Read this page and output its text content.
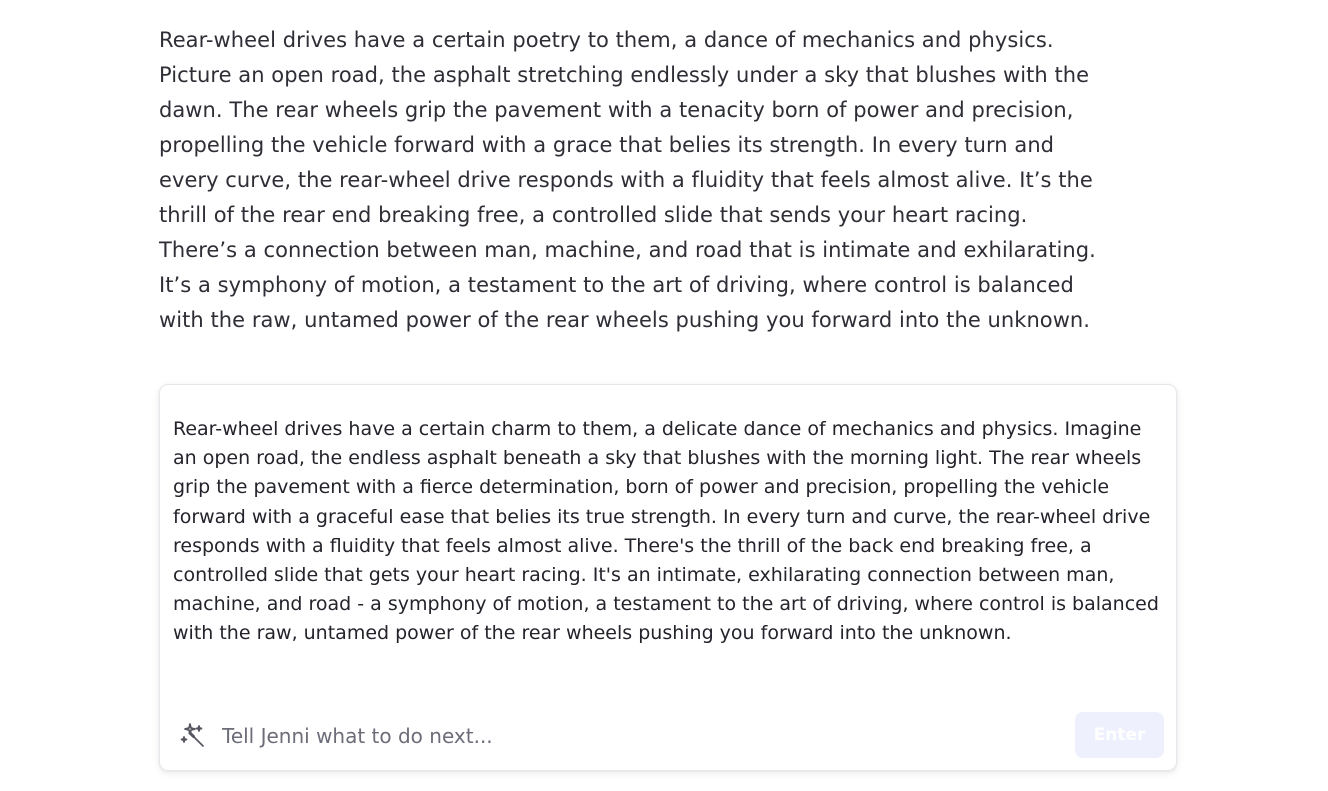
Rear-wheel drives have a certain poetry to them, a dance of mechanics and physics. Picture an open road, the asphalt stretching endlessly under a sky that blushes with the dawn. The rear wheels grip the pavement with a tenacity born of power and precision, propelling the vehicle forward with a grace that belies its strength. In every turn and every curve, the rear-wheel drive responds with a fluidity that feels almost alive. It’s the thrill of the rear end breaking free, a controlled slide that sends your heart racing. There’s a connection between man, machine, and road that is intimate and exhilarating. It’s a symphony of motion, a testament to the art of driving, where control is balanced with the raw, untamed power of the rear wheels pushing you forward into the unknown.

Rear-wheel drives have a certain charm to them, a delicate dance of mechanics and physics. Imagine an open road, the endless asphalt beneath a sky that blushes with the morning light. The rear wheels grip the pavement with a fierce determination, born of power and precision, propelling the vehicle forward with a graceful ease that belies its true strength. In every turn and curve, the rear-wheel drive responds with a fluidity that feels almost alive. There's the thrill of the back end breaking free, a controlled slide that gets your heart racing. It's an intimate, exhilarating connection between man, machine, and road - a symphony of motion, a testament to the art of driving, where control is balanced with the raw, untamed power of the rear wheels pushing you forward into the unknown.

Tell Jenni what to do next...
Enter
